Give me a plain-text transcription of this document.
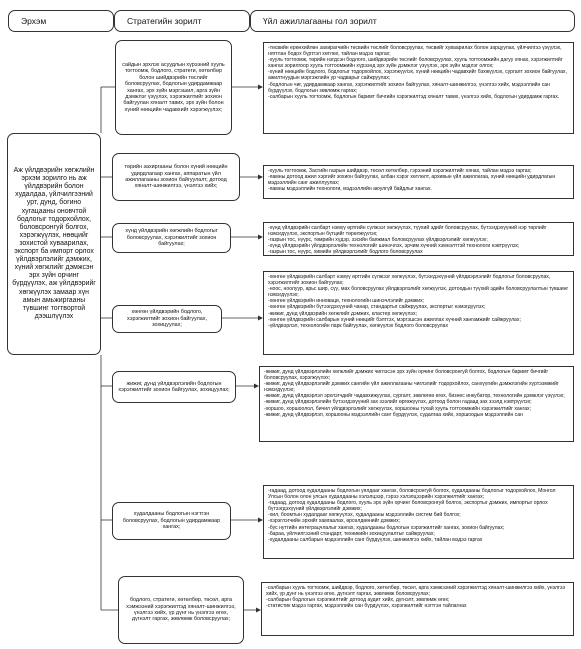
Эрхэм	Стратегийн зорилт	Үйл ажиллагааны гол зорилт
Аж үйлдвэрийн хөгжлийн эрхэм зорилго нь аж үйлдвэрийн болон худалдаа, үйлчилгээний урт, дунд, богино хугацааны оновчтой бодлогыг тодорхойлох, боловсронгуй болгох, хэрэгжүүлэх, нөөцийг зохистой хуваарилах, экспорт ба импорт орлох үйлдвэрлэлийг дэмжих, хүний хөгжлийг дэмжсэн эрх зүйн орчинг бүрдүүлэх, аж үйлдвэрийг хөгжүүлэх замаар хүн амын амьжиргааны түвшинг тогтвортой дээшлүүлэх
сайдын эрхлэх асуудлын хүрээний хууль тогтоомж, бодлого, стратеги, хөтөлбөр болон шийдвэрийн төслийг боловсруулах, бодлогын удирдамжаар хангах, эрх зүйн мэргэшил, арга зүйн дэмжлэг үзүүлэх, хэрэгжилтийг зохион байгуулан хяналт тавих, эрх зүйн болон хүний нөөцийн чадавхийг хэрэгжүүлэх;
төрийн захиргааны болон хүний нөөцийн удирдлагаар хангах, аппаратын үйл ажиллагааны зохион байгуулалт, дотоод хяналт-шинжилгээ, үнэлгээ хийх;
хүнд үйлдвэрийн хөгжлийн бодлогыг боловсруулах, хэрэгжилтийг зохион байгуулах;
хөнгөн үйлдвэрийн бодлого, хэрэгжилтийг зохион байгуулах, зохицуулах;
жижиг, дунд үйлдвэрлэлийн бодлогын хэрэгжилтийг зохион байгуулах, зохицуулах;
худалдааны бодлогын нэгтгэн боловсруулах, бодлогын удирдамжаар хангах;
бодлого, стратеги, хөтөлбөр, төсөл, арга хэмжээний хэрэгжилтэд хяналт-шинжилгээ, үнэлгээ хийх, үр дүнг нь үнэлгээ өгөх, дүгнэлт гаргах, зөвлөмж боловсруулах;
-төсвийн ерөнхийлөн захирагчийн төсвийн төслийг боловсруулах, төсвийг хуваарилах болон зарцуулах, үйлчилгээ үзүүлэх, нягтлан бодох бүртгэл хөтлөх, тайлан мэдээ гаргах;
-хууль тогтоомж, төрийн нэгдсэн бодлого, шийдвэрийн төслийг боловсруулах, хууль тогтоомжийн дагуу хянах, хэрэгжилтийг хангах зорилгоор хууль тогтоомжийн хүрээнд эрх зүйн дэмжлэг үзүүлэх, эрх зүйн мэдлэг олгох;
-хүний нөөцийн бодлого, бодлогыг тодорхойлох, хэрэгжүүлэх, хүний нөөцийн чадавхийг бэхжүүлэх, сургалт зохион байгуулах, ажилтнуудын мэргэжлийн ур чадварыг сайжруулах;
-бодлогын чиг, удирдамжаар хангах, хэрэгжилтийг зохион байгуулах, хяналт-шинжилгээ, үнэлгээ хийх, мэдээллийн сан бүрдүүлэх, бодлогын зөвлөмж гаргах;
-салбарын хууль тогтоомж, бодлогын баримт бичгийн хэрэгжилтэд хяналт тавих, үнэлгээ хийх, бодлогын удирдамж гаргах.
-хууль тогтоомж, Засгийн газрын шийдвэр, төсөл хөтөлбөр, гэрээний хэрэгжилтийг хянах, тайлан мэдээ гаргах;
-яамны дотоод ажил хэргийг зохион байгуулах, албан хэрэг хөтлөлт, архивын үйл ажиллагаа, хүний нөөцийн удирдлагын мэдээллийн санг ажиллуулах;
-яамны мэдээллийн технологи, мэдээллийн аюулгүй байдлыг хангах.
-хүнд үйлдвэрийн салбарт нэмүү өртгийн сүлжээг хөгжүүлэх, түүхий эдийг боловсруулах, бүтээгдэхүүний нэр төрлийг нэмэгдүүлэх, экспортын бүтцийг төрөлжүүлэх;
-газрын тос, нүүрс, төмрийн хүдэр, зэсийн баяжмал боловсруулах үйлдвэрлэлийг хөгжүүлэх;
-хүнд үйлдвэрийн үйлдвэрлэлийн технологийг шинэчлэх, эрчим хүчний хэмнэлттэй технологи нэвтрүүлэх;
-газрын тос, нүүрс, химийн үйлдвэрлэлийг бодлого боловсруулах
-хөнгөн үйлдвэрийн салбарт нэмүү өртгийн сүлжээг хөгжүүлэх, бүтээгдэхүүний үйлдвэрлэлийг бодлогыг боловсруулах, хэрэгжилтийг зохион байгуулах;
-ноос, ноолуур, арьс шир, сүү, мах боловсруулах үйлдвэрлэлийг хөгжүүлэх, дотоодын түүхий эдийн боловсруулалтын түвшинг нэмэгдүүлэх;
-хөнгөн үйлдвэрийн инноваци, технологийн шинэчлэлийг дэмжих;
-хөнгөн үйлдвэрийн бүтээгдэхүүний чанар, стандартыг сайжруулах, экспортыг нэмэгдүүлэх;
-жижиг, дунд үйлдвэрийн хөгжлийг дэмжих, кластер хөгжүүлэх;
-хөнгөн үйлдвэрийн салбарын хүний нөөцийг бэлтгэх, мэргэшсэн ажиллах хүчний хангамжийг сайжруулах;
-үйлдвэрлэл, технологийн парк байгуулах, хөгжүүлэх бодлого боловсруулах
-жижиг, дунд үйлдвэрлэлийн хөгжлийг дэмжих чиглэсэн эрх зүйн орчинг боловсронгуй болгох, бодлогын баримт бичгийг боловсруулах, хэрэгжүүлэх;
-жижиг, дунд үйлдвэрлэлийг дэмжих сангийн үйл ажиллагааны чиглэлийг тодорхойлох, санхүүгийн дэмжлэгийн хүртээмжийг нэмэгдүүлэх;
-жижиг, дунд үйлдвэрлэл эрхлэгчдийг чадавхижуулах, сургалт, зөвлөгөө өгөх, бизнес инкубатор, технологийн дэмжлэг үзүүлэх;
-жижиг, дунд үйлдвэрлэлийн бүтээгдэхүүний зах зээлийг өргөжүүлэх, дотоод болон гадаад зах зээлд нэвтрүүлэх;
-хоршоо, хоршоолол, бичил үйлдвэрлэлийг хөгжүүлэх, хоршооны тухай хууль тогтоомжийн хэрэгжилтийг хангах;
-жижиг, дунд үйлдвэрлэл, хоршооны мэдээллийн санг бүрдүүлэх, судалгаа хийх, хоршоодын мэдээллийн сан
-гадаад, дотоод худалдааны бодлогын уялдааг хангах, боловсронгуй болгох, худалдааны бодлогыг тодорхойлох, Монгол Улсын болон олон улсын худалдааны хэлэлцээр, гэрээ хэлэлцээрийн хэрэгжилтийг хангах;
-гадаад, дотоод худалдааны бодлого, хууль эрх зүйн орчинг боловсронгуй болгох, экспортыг дэмжих, импортыг орлох бүтээгдэхүүний үйлдвэрлэлийг дэмжих;
-хил, боомтын худалдааг хөгжүүлэх, худалдааны мэдээллийн систем бий болгох;
-хэрэглэгчийн эрхийг хамгаалах, өрсөлдөөнийг дэмжих;
-бүс нутгийн интеграцчлалыг хангах, худалдааны бодлогын хэрэгжилтийг хангах, зохион байгуулах;
-бараа, үйлчилгээний стандарт, техникийн зохицуулалтыг сайжруулах;
-худалдааны салбарын мэдээллийн санг бүрдүүлэх, шинжилгээ хийх, тайлан мэдээ гаргах
-салбарын хууль тогтоомж, шийдвэр, бодлого, хөтөлбөр, төсөл, арга хэмжээний хэрэгжилтэд хяналт-шинжилгээ хийх, үнэлгээ хийх, үр дүнг нь үнэлгээ өгөх, дүгнэлт гаргах, зөвлөмж боловсруулах;
-салбарын бодлогын хэрэгжилтийг дотоод аудит хийх, дүгнэлт, зөвлөмж өгөх;
-статистик мэдээ гаргах, мэдээллийн сан бүрдүүлэх, хэрэгжилтийг нэгтгэн тайлагнах
